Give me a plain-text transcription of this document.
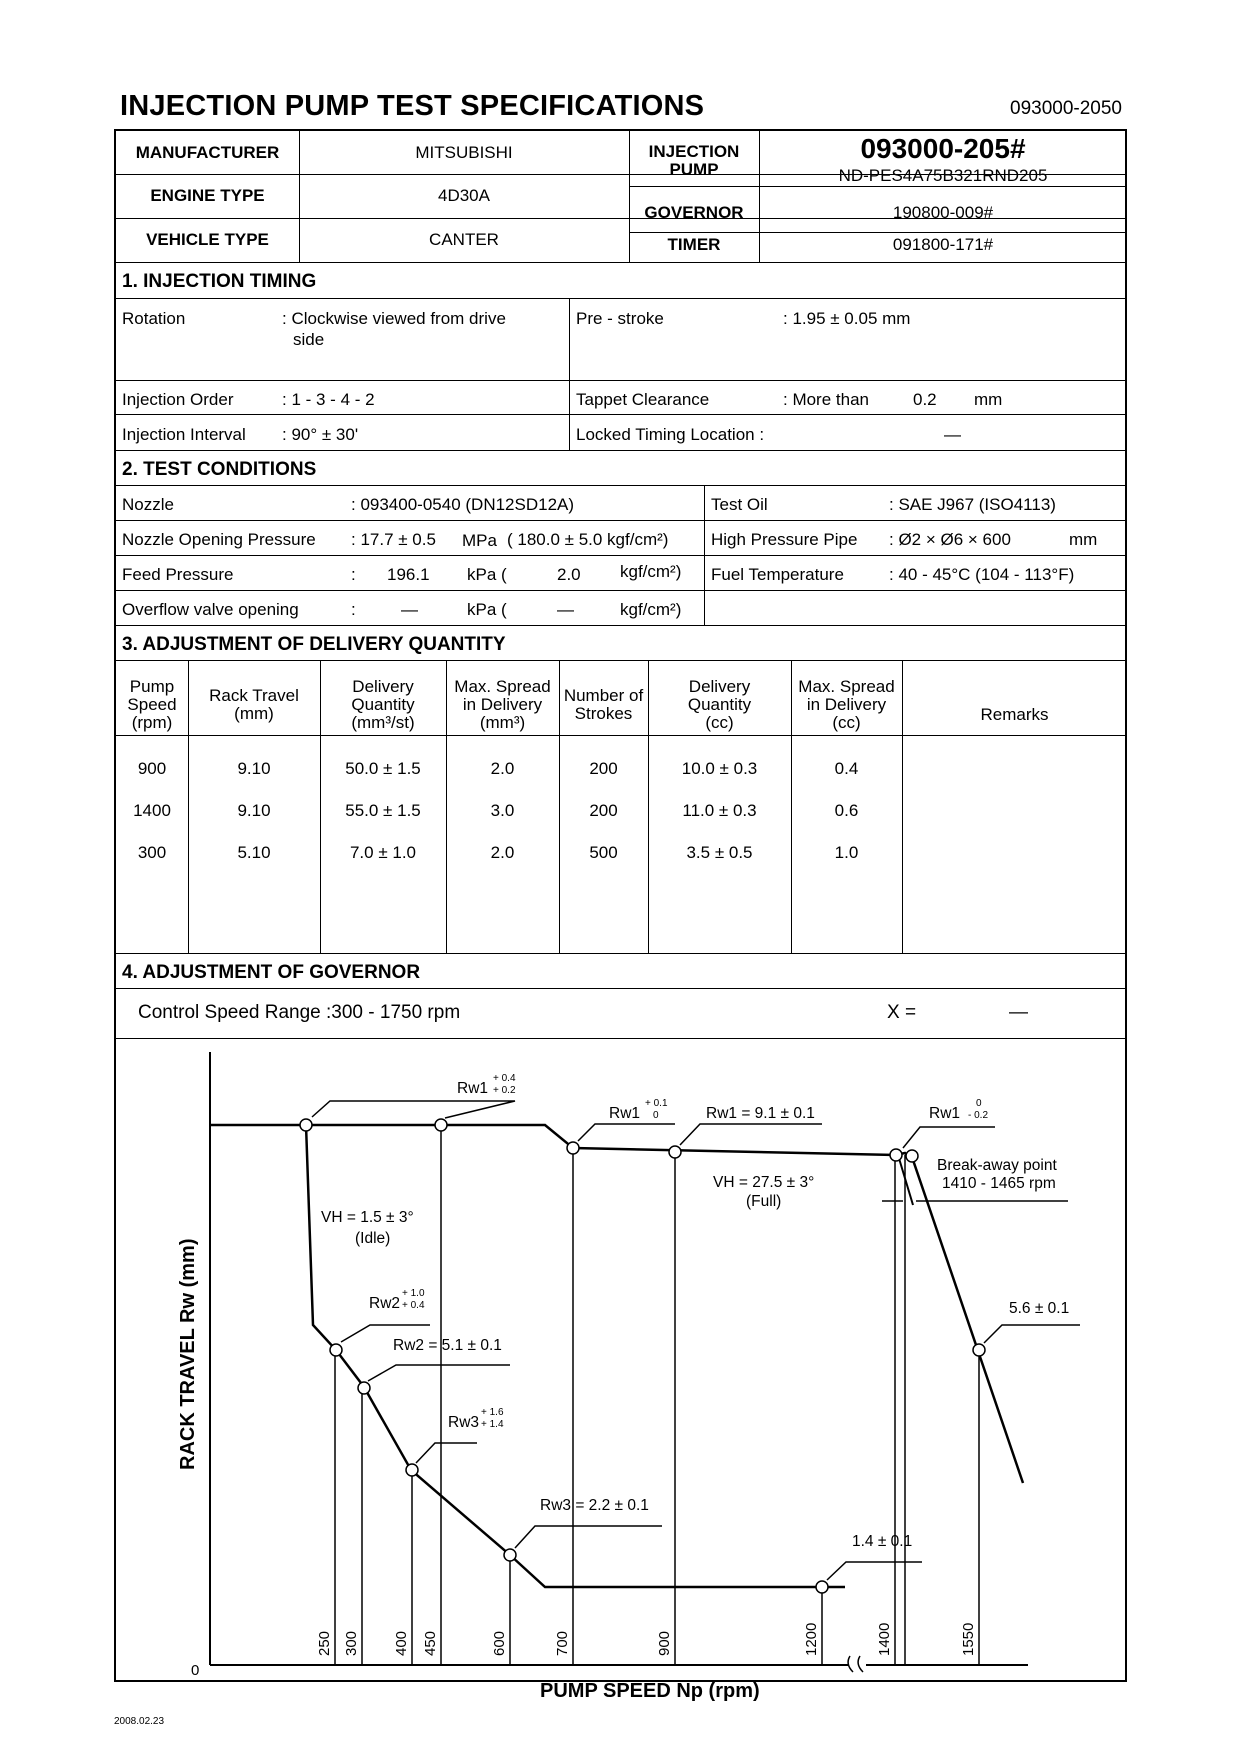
INJECTION PUMP TEST SPECIFICATIONS	093000-2050
MANUFACTURER	MITSUBISHI
ENGINE TYPE	4D30A
VEHICLE TYPE	CANTER
INJECTION PUMP
093000-205#
ND-PES4A75B321RND205
GOVERNOR	190800-009#
TIMER	091800-171#
1. INJECTION TIMING
Rotation	: Clockwise viewed from drive
side
Pre - stroke	: 1.95 ± 0.05 mm
Injection Order	: 1 - 3 - 4 - 2	Tappet Clearance	: More than	0.2 mm
Injection Interval : 90° ± 30'	Locked Timing Location :	—
2. TEST CONDITIONS
Nozzle	: 093400-0540 (DN12SD12A)	Test Oil	: SAE J967 (ISO4113)
Nozzle Opening Pressure : 17.7 ± 0.5 MPa ( 180.0 ± 5.0 kgf/cm²)	High Pressure Pipe : Ø2 × Ø6 × 600	mm
Feed Pressure	: 196.1 kPa (	2.0 kgf/cm²) Fuel Temperature	: 40 - 45°C (104 - 113°F)
Overflow valve opening	:	—	kPa (	—	kgf/cm²)
3. ADJUSTMENT OF DELIVERY QUANTITY
Pump Speed (rpm)
Rack Travel (mm)
Delivery Quantity (mm³/st)
Max. Spread in Delivery (mm³)
Number of Strokes
Delivery Quantity (cc)
Max. Spread in Delivery (cc)	Remarks
900	9.10	50.0 ± 1.5	2.0	200	10.0 ± 0.3	0.4
1400	9.10	55.0 ± 1.5	3.0	200	11.0 ± 0.3	0.6
300	5.10	7.0 ± 1.0	2.0	500	3.5 ± 0.5	1.0
4. ADJUSTMENT OF GOVERNOR
Control Speed Range :300 - 1750 rpm	X =	—
Rw1
+ 0.4
+ 0.2
Rw1
+ 0.1
0	Rw1 = 9.1 ± 0.1	Rw1
0
- 0.2
Break-away point
1410 - 1465 rpm
VH = 27.5 ± 3°
(Full)
VH = 1.5 ± 3°
(Idle)
Rw2
+ 1.0
+ 0.4
Rw2 = 5.1 ± 0.1
Rw3
+ 1.6
+ 1.4
Rw3 = 2.2 ± 0.1
5.6 ± 0.1
1.4 ± 0.1
250 300 400 450	600	700	900	1200	1400	1550
0
PUMP SPEED Np (rpm)
RACK TRAVEL Rw (mm)
2008.02.23
